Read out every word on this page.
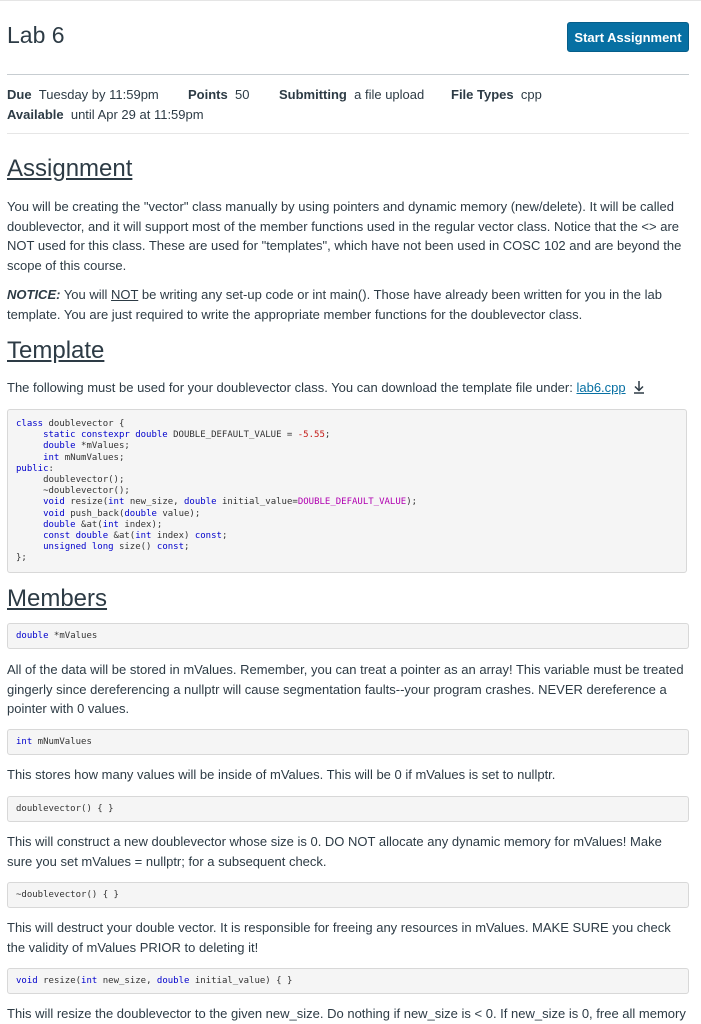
Lab 6	Start Assignment
Due Tuesday by 11:59pm Points 50 Submitting a file upload File Types cpp
Available until Apr 29 at 11:59pm
Assignment

You will be creating the "vector" class manually by using pointers and dynamic memory (new/delete). It will be called doublevector, and it will support most of the member functions used in the regular vector class. Notice that the <> are NOT used for this class. These are used for "templates", which have not been used in COSC 102 and are beyond the scope of this course.

NOTICE: You will NOT be writing any set-up code or int main(). Those have already been written for you in the lab template. You are just required to write the appropriate member functions for the doublevector class.

Template

The following must be used for your doublevector class. You can download the template file under: lab6.cpp

class doublevector {
static constexpr double DOUBLE_DEFAULT_VALUE = -5.55;
double *mValues;
int mNumValues;
public:
doublevector();
~doublevector();
void resize(int new_size, double initial_value=DOUBLE_DEFAULT_VALUE);
void push_back(double value);
double &at(int index);
const double &at(int index) const;
unsigned long size() const;
};
Members
double *mValues

All of the data will be stored in mValues. Remember, you can treat a pointer as an array! This variable must be treated gingerly since dereferencing a nullptr will cause segmentation faults--your program crashes. NEVER dereference a pointer with 0 values.

int mNumValues

This stores how many values will be inside of mValues. This will be 0 if mValues is set to nullptr.

doublevector() { }

This will construct a new doublevector whose size is 0. DO NOT allocate any dynamic memory for mValues! Make sure you set mValues = nullptr; for a subsequent check.

~doublevector() { }

This will destruct your double vector. It is responsible for freeing any resources in mValues. MAKE SURE you check the validity of mValues PRIOR to deleting it!

void resize(int new_size, double initial_value) { }

This will resize the doublevector to the given new_size. Do nothing if new_size is < 0. If new_size is 0, free all memory
